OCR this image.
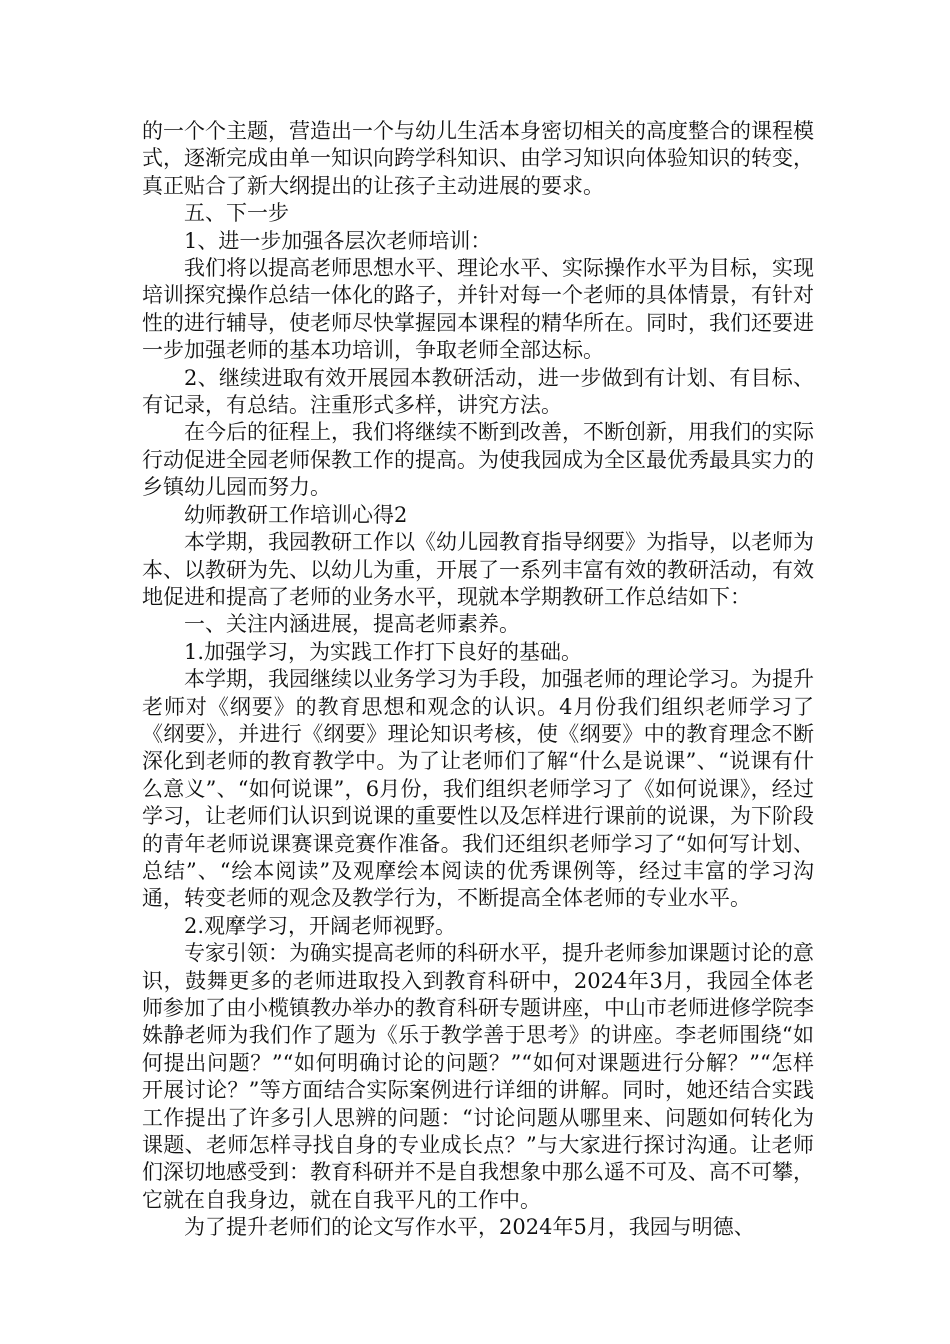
的一个个主题，营造出一个与幼儿生活本身密切相关的高度整合的课程模式，逐渐完成由单一知识向跨学科知识、由学习知识向体验知识的转变，真正贴合了新大纲提出的让孩子主动进展的要求。

五、下一步

1、进一步加强各层次老师培训：

我们将以提高老师思想水平、理论水平、实际操作水平为目标，实现培训探究操作总结一体化的路子，并针对每一个老师的具体情景，有针对性的进行辅导，使老师尽快掌握园本课程的精华所在。同时，我们还要进一步加强老师的基本功培训，争取老师全部达标。

2、继续进取有效开展园本教研活动，进一步做到有计划、有目标、有记录，有总结。注重形式多样，讲究方法。

在今后的征程上，我们将继续不断到改善，不断创新，用我们的实际行动促进全园老师保教工作的提高。为使我园成为全区最优秀最具实力的乡镇幼儿园而努力。

幼师教研工作培训心得2

本学期，我园教研工作以《幼儿园教育指导纲要》为指导，以老师为本、以教研为先、以幼儿为重，开展了一系列丰富有效的教研活动，有效地促进和提高了老师的业务水平，现就本学期教研工作总结如下：

一、关注内涵进展，提高老师素养。

1.加强学习，为实践工作打下良好的基础。

本学期，我园继续以业务学习为手段，加强老师的理论学习。为提升老师对《纲要》的教育思想和观念的认识。4月份我们组织老师学习了《纲要》，并进行《纲要》理论知识考核，使《纲要》中的教育理念不断深化到老师的教育教学中。为了让老师们了解“什么是说课”、“说课有什么意义”、“如何说课”，6月份，我们组织老师学习了《如何说课》，经过学习，让老师们认识到说课的重要性以及怎样进行课前的说课，为下阶段的青年老师说课赛课竞赛作准备。我们还组织老师学习了“如何写计划、总结”、“绘本阅读”及观摩绘本阅读的优秀课例等，经过丰富的学习沟通，转变老师的观念及教学行为，不断提高全体老师的专业水平。

2.观摩学习，开阔老师视野。

专家引领：为确实提高老师的科研水平，提升老师参加课题讨论的意识，鼓舞更多的老师进取投入到教育科研中，2024年3月，我园全体老师参加了由小榄镇教办举办的教育科研专题讲座，中山市老师进修学院李姝静老师为我们作了题为《乐于教学善于思考》的讲座。李老师围绕“如何提出问题？”“如何明确讨论的问题？”“如何对课题进行分解？”“怎样开展讨论？”等方面结合实际案例进行详细的讲解。同时，她还结合实践工作提出了许多引人思辨的问题：“讨论问题从哪里来、问题如何转化为课题、老师怎样寻找自身的专业成长点？”与大家进行探讨沟通。让老师们深切地感受到：教育科研并不是自我想象中那么遥不可及、高不可攀，它就在自我身边，就在自我平凡的工作中。

为了提升老师们的论文写作水平，2024年5月，我园与明德、
